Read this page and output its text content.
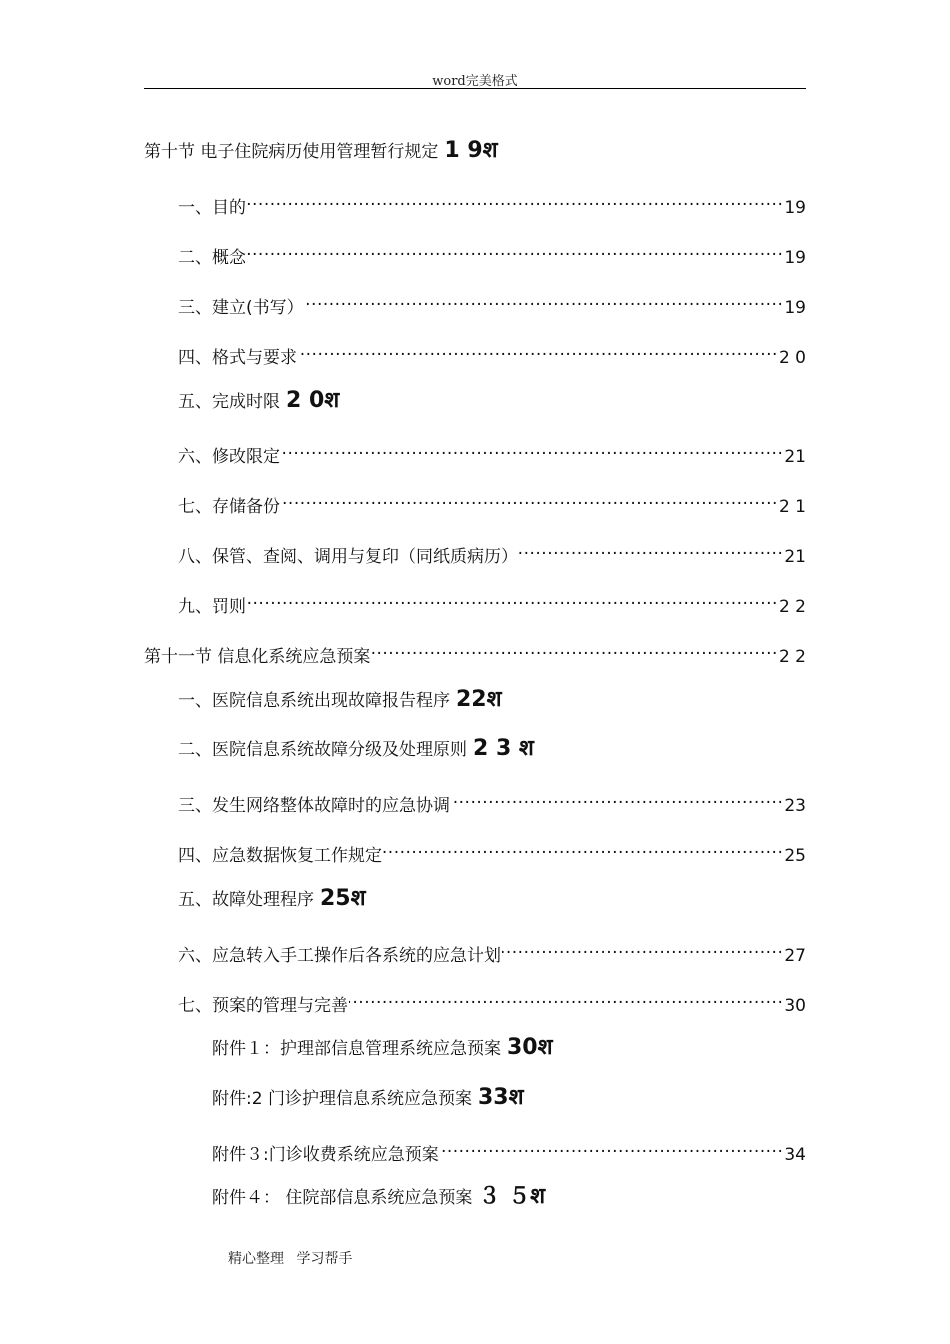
word完美格式
第十节 电子住院病历使用管理暂行规定 1 9श
一、目的 .....	19
二、概念 .....	19
三、建立(书写） .....	19
四、格式与要求 .....	2 0
五、完成时限 2 0श
六、修改限定 .....	21
七、存储备份 .....	2 1
八、保管、查阅、调用与复印（同纸质病历） .....	21
九、罚则 .....	2 2
第十一节 信息化系统应急预案 .....	2 2
一、医院信息系统出现故障报告程序 22श
二、医院信息系统故障分级及处理原则 2 3 श
三、发生网络整体故障时的应急协调 .....	23
四、应急数据恢复工作规定 .....	25
五、故障处理程序 25श
六、应急转入手工操作后各系统的应急计划 .....	27
七、预案的管理与完善 .....	30
附件１：护理部信息管理系统应急预案 30श
附件:2 门诊护理信息系统应急预案 33श
附件３:门诊收费系统应急预案 .....	34
附件４： 住院部信息系统应急预案 ３ ５श
精心整理 学习帮手
